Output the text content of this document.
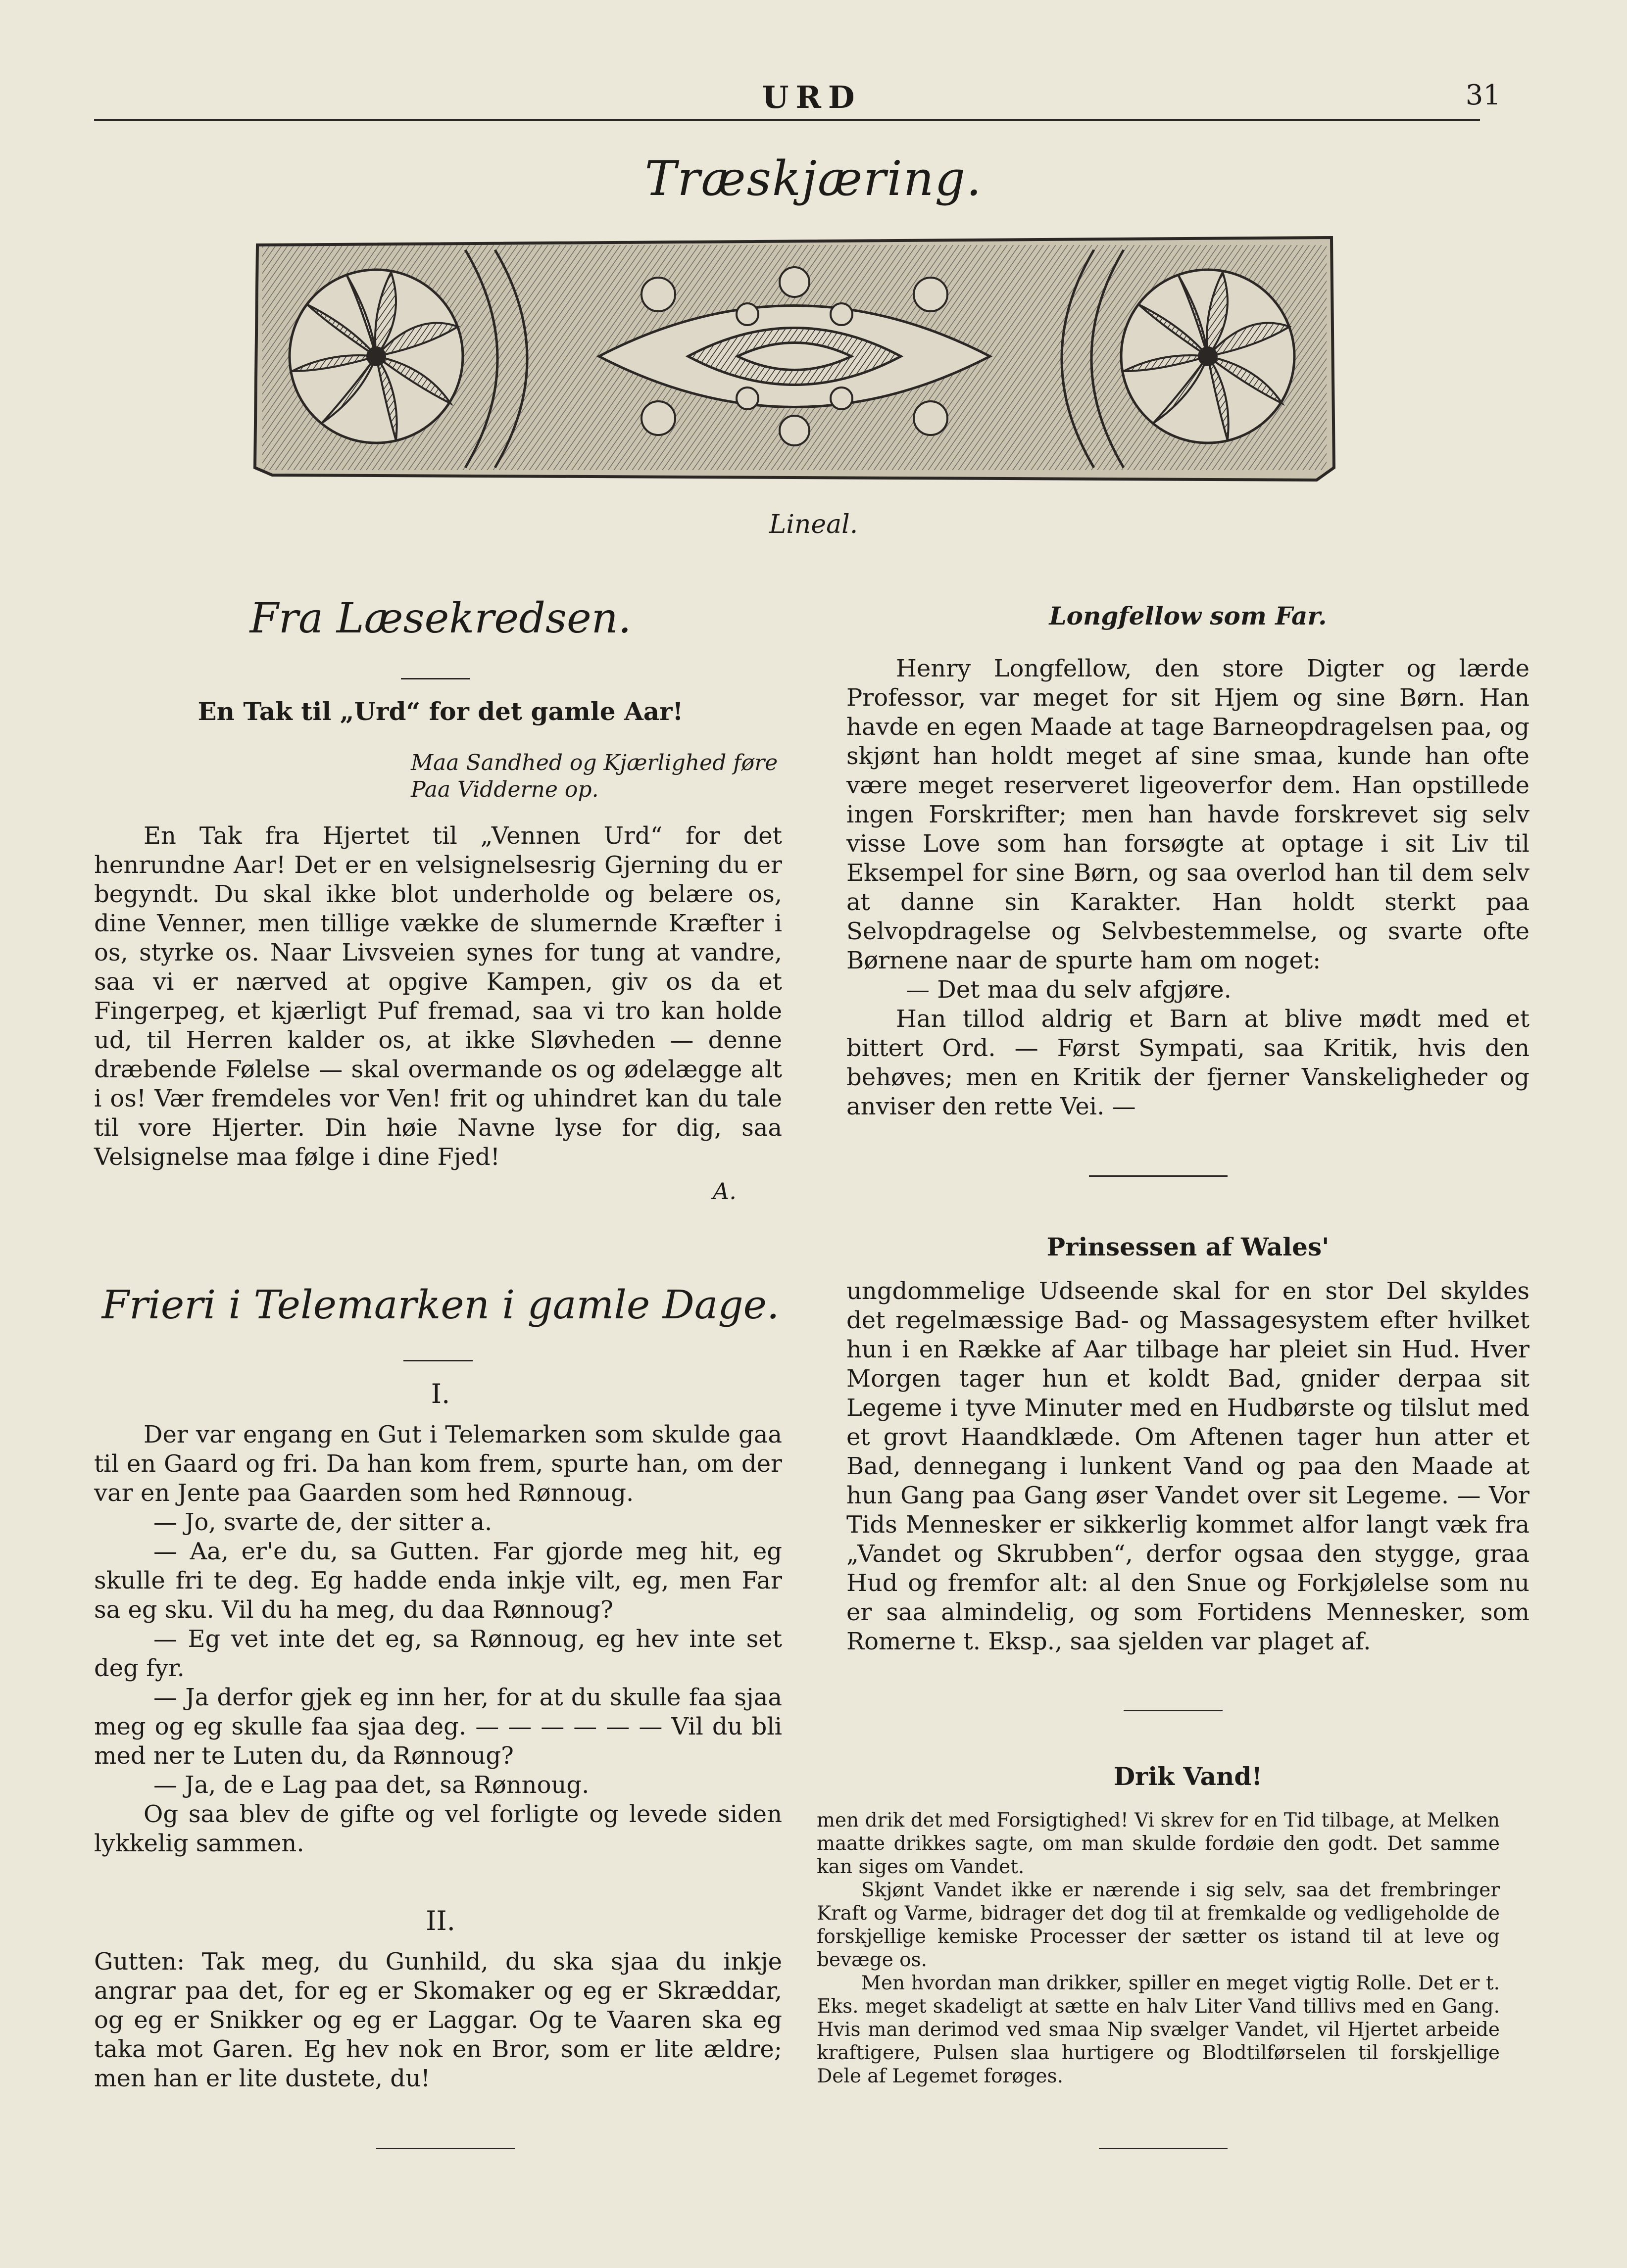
URD	31
Træskjæring.
Lineal.
Fra Læsekredsen.
En Tak til „Urd“ for det gamle Aar!
Maa Sandhed og Kjærlighed føre
Paa Vidderne op.

En Tak fra Hjertet til „Vennen Urd“ for det henrundne Aar! Det er en velsignelsesrig Gjerning du er begyndt. Du skal ikke blot underholde og belære os, dine Venner, men tillige vække de slumernde Kræfter i os, styrke os. Naar Livsveien synes for tung at vandre, saa vi er nærved at opgive Kampen, giv os da et Fingerpeg, et kjærligt Puf fremad, saa vi tro kan holde ud, til Herren kalder os, at ikke Sløvheden — denne dræbende Følelse — skal overmande os og ødelægge alt i os! Vær fremdeles vor Ven! frit og uhindret kan du tale til vore Hjerter. Din høie Navne lyse for dig, saa Velsignelse maa følge i dine Fjed!

A.
Frieri i Telemarken i gamle Dage.
I.

Der var engang en Gut i Telemarken som skulde gaa til en Gaard og fri. Da han kom frem, spurte han, om der var en Jente paa Gaarden som hed Rønnoug.

— Jo, svarte de, der sitter a.

— Aa, er'e du, sa Gutten. Far gjorde meg hit, eg skulle fri te deg. Eg hadde enda inkje vilt, eg, men Far sa eg sku. Vil du ha meg, du daa Rønnoug?

— Eg vet inte det eg, sa Rønnoug, eg hev inte set deg fyr.

— Ja derfor gjek eg inn her, for at du skulle faa sjaa meg og eg skulle faa sjaa deg. — — — — — — Vil du bli med ner te Luten du, da Rønnoug?

— Ja, de e Lag paa det, sa Rønnoug.

Og saa blev de gifte og vel forligte og levede siden lykkelig sammen.

II.

Gutten: Tak meg, du Gunhild, du ska sjaa du inkje angrar paa det, for eg er Skomaker og eg er Skræddar, og eg er Snikker og eg er Laggar. Og te Vaaren ska eg taka mot Garen. Eg hev nok en Bror, som er lite ældre; men han er lite dustete, du!

Longfellow som Far.

Henry Longfellow, den store Digter og lærde Professor, var meget for sit Hjem og sine Børn. Han havde en egen Maade at tage Barneopdragelsen paa, og skjønt han holdt meget af sine smaa, kunde han ofte være meget reserveret ligeoverfor dem. Han opstillede ingen Forskrifter; men han havde forskrevet sig selv visse Love som han forsøgte at optage i sit Liv til Eksempel for sine Børn, og saa overlod han til dem selv at danne sin Karakter. Han holdt sterkt paa Selvopdragelse og Selvbestemmelse, og svarte ofte Børnene naar de spurte ham om noget:

— Det maa du selv afgjøre.

Han tillod aldrig et Barn at blive mødt med et bittert Ord. — Først Sympati, saa Kritik, hvis den behøves; men en Kritik der fjerner Vanskeligheder og anviser den rette Vei. —

Prinsessen af Wales'

ungdommelige Udseende skal for en stor Del skyldes det regelmæssige Bad- og Massagesystem efter hvilket hun i en Række af Aar tilbage har pleiet sin Hud. Hver Morgen tager hun et koldt Bad, gnider derpaa sit Legeme i tyve Minuter med en Hudbørste og tilslut med et grovt Haandklæde. Om Aftenen tager hun atter et Bad, dennegang i lunkent Vand og paa den Maade at hun Gang paa Gang øser Vandet over sit Legeme. — Vor Tids Mennesker er sikkerlig kommet alfor langt væk fra „Vandet og Skrubben“, derfor ogsaa den stygge, graa Hud og fremfor alt: al den Snue og Forkjølelse som nu er saa almindelig, og som Fortidens Mennesker, som Romerne t. Eksp., saa sjelden var plaget af.

Drik Vand!

men drik det med Forsigtighed! Vi skrev for en Tid tilbage, at Melken maatte drikkes sagte, om man skulde fordøie den godt. Det samme kan siges om Vandet.

Skjønt Vandet ikke er nærende i sig selv, saa det frembringer Kraft og Varme, bidrager det dog til at fremkalde og vedligeholde de forskjellige kemiske Processer der sætter os istand til at leve og bevæge os.

Men hvordan man drikker, spiller en meget vigtig Rolle. Det er t. Eks. meget skadeligt at sætte en halv Liter Vand tillivs med en Gang. Hvis man derimod ved smaa Nip svælger Vandet, vil Hjertet arbeide kraftigere, Pulsen slaa hurtigere og Blodtilførselen til forskjellige Dele af Legemet forøges.
